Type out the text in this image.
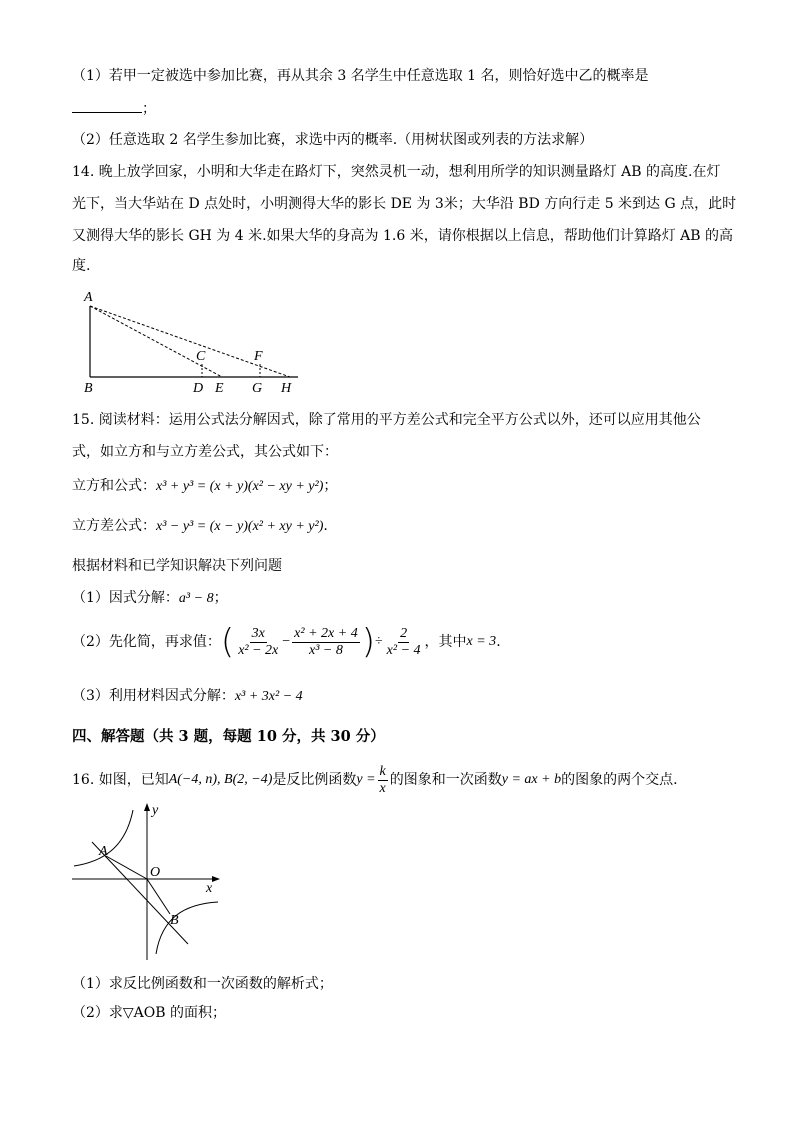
（1）若甲一定被选中参加比赛，再从其余 3 名学生中任意选取 1 名，则恰好选中乙的概率是
；
（2）任意选取 2 名学生参加比赛，求选中丙的概率.（用树状图或列表的方法求解）
14. 晚上放学回家，小明和大华走在路灯下，突然灵机一动，想利用所学的知识测量路灯 AB 的高度.在灯
光下，当大华站在 D 点处时，小明测得大华的影长 DE 为 3米；大华沿 BD 方向行走 5 米到达 G 点，此时
又测得大华的影长 GH 为 4 米.如果大华的身高为 1.6 米，请你根据以上信息，帮助他们计算路灯 AB 的高
度.
A
B
C
D E
F
G H
15. 阅读材料：运用公式法分解因式，除了常用的平方差公式和完全平方公式以外，还可以应用其他公
式，如立方和与立方差公式，其公式如下：
立方和公式：x³ + y³ = (x + y)(x² − xy + y²)；
立方差公式：x³ − y³ = (x − y)(x² + xy + y²).
根据材料和已学知识解决下列问题
（1）因式分解：a³ − 8；
（2）先化简，再求值：( $\frac{3x}{\text{x² − 2x}} - \frac{\text{x² + 2x + 4}}{\text{x³ − 8}}$ )÷ $\frac{2}{\text{x² − 4}}$ ，其中x = 3.
（3）利用材料因式分解：x³ + 3x² − 4
四、解答题（共 3 题，每题 10 分，共 30 分）
16. 如图，已知A(−4, n), B(2, −4)是反比例函数$y = \frac{k}{x}$ 的图象和一次函数y = ax + b的图象的两个交点.
y
x
O
A
B
（1）求反比例函数和一次函数的解析式；
（2）求▽AOB 的面积；
